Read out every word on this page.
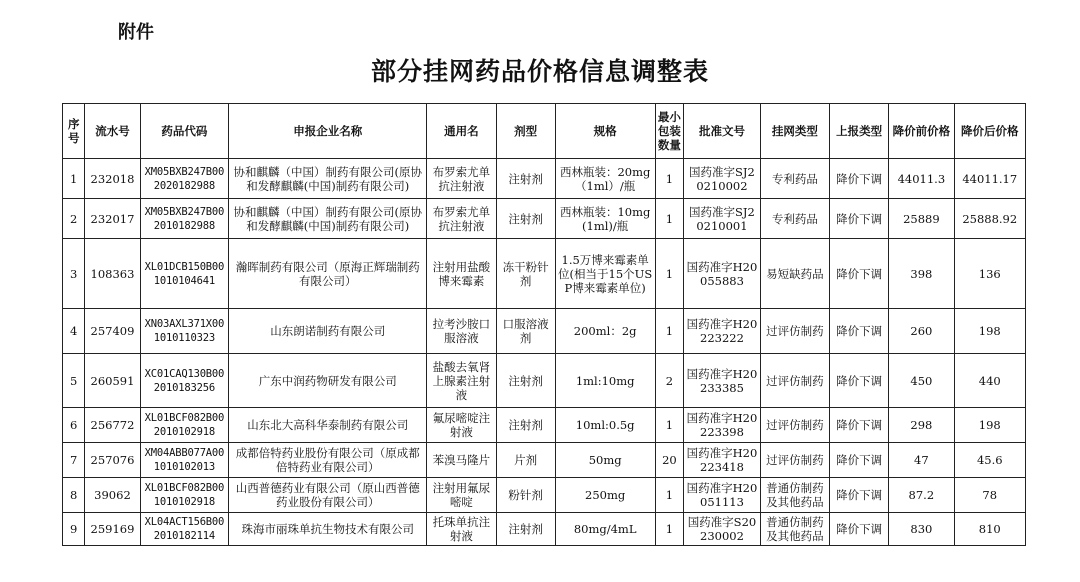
附件
部分挂网药品价格信息调整表
序号	流水号	药品代码	申报企业名称	通用名	剂型	规格	最小包装数量	批准文号	挂网类型	上报类型	降价前价格	降价后价格
1	232018	XM05BXB247B002020182988	协和麒麟（中国）制药有限公司(原协和发酵麒麟(中国)制药有限公司)	布罗索尤单抗注射液	注射剂	西林瓶装：20mg（1ml）/瓶	1	国药准字SJ20210002	专利药品	降价下调	44011.3	44011.17
2	232017	XM05BXB247B002010182988	协和麒麟（中国）制药有限公司(原协和发酵麒麟(中国)制药有限公司)	布罗索尤单抗注射液	注射剂	西林瓶装：10mg(1ml)/瓶	1	国药准字SJ20210001	专利药品	降价下调	25889	25888.92
3	108363	XL01DCB150B001010104641	瀚晖制药有限公司（原海正辉瑞制药有限公司）	注射用盐酸博来霉素	冻干粉针剂	1.5万博来霉素单位(相当于15个USP博来霉素单位)	1	国药准字H20055883	易短缺药品	降价下调	398	136
4	257409	XN03AXL371X001010110323	山东朗诺制药有限公司	拉考沙胺口服溶液	口服溶液剂	200ml：2g	1	国药准字H20223222	过评仿制药	降价下调	260	198
5	260591	XC01CAQ130B002010183256	广东中润药物研发有限公司	盐酸去氧肾上腺素注射液	注射剂	1ml:10mg	2	国药准字H20233385	过评仿制药	降价下调	450	440
6	256772	XL01BCF082B002010102918	山东北大高科华泰制药有限公司	氟尿嘧啶注射液	注射剂	10ml:0.5g	1	国药准字H20223398	过评仿制药	降价下调	298	198
7	257076	XM04ABB077A001010102013	成都倍特药业股份有限公司（原成都倍特药业有限公司）	苯溴马隆片	片剂	50mg	20	国药准字H20223418	过评仿制药	降价下调	47	45.6
8	39062	XL01BCF082B001010102918	山西普德药业有限公司（原山西普德药业股份有限公司）	注射用氟尿嘧啶	粉针剂	250mg	1	国药准字H20051113	普通仿制药及其他药品	降价下调	87.2	78
9	259169	XL04ACT156B002010182114	珠海市丽珠单抗生物技术有限公司	托珠单抗注射液	注射剂	80mg/4mL	1	国药准字S20230002	普通仿制药及其他药品	降价下调	830	810
